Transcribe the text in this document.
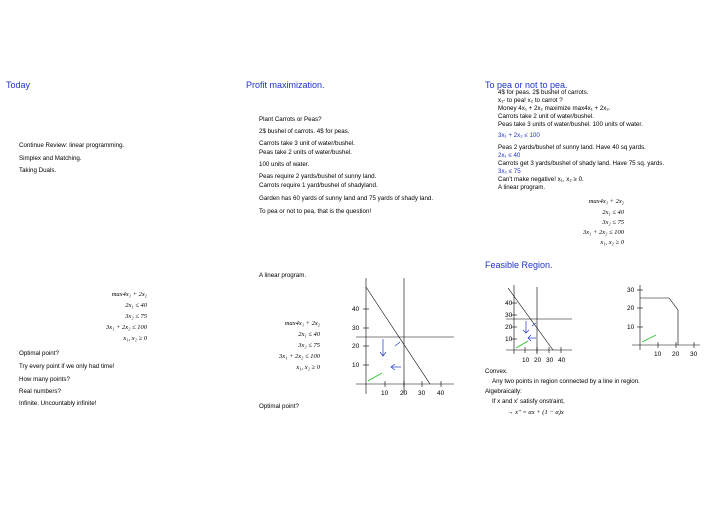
Today
Continue Review: linear programming.
Simplex and Matching.
Taking Duals.
Profit maximization.
Plant Carrots or Peas?
2$ bushel of carrots. 4$ for peas.
Carrots take 3 unit of water/bushel.
Peas take 2 units of water/bushel.
100 units of water.
Peas require 2 yards/bushel of sunny land.
Carrots require 1 yard/bushel of shadyland.
Garden has 60 yards of sunny land and 75 yards of shady land.
To pea or not to pea, that is the question!
To pea or not to pea.
4$ for peas. 2$ bushel of carrots.
x₁- to pea! x₂ to carrot ?
Money 4x₁ + 2x₂ maximize max4x₁ + 2x₂.
Carrots take 2 unit of water/bushel.
Peas take 3 units of water/bushel. 100 units of water.
3x₁ + 2x₂ ≤ 100
Peas 2 yards/bushel of sunny land. Have 40 sq yards.
2x₁ ≤ 40
Carrots get 3 yards/bushel of shady land. Have 75 sq. yards.
3x₂ ≤ 75
Can't make negative! x₁, x₂ ≥ 0.
A linear program.
max4x₁ + 2x₂
2x₁ ≤ 40
3x₂ ≤ 75
3x₁ + 2x₂ ≤ 100
x₁, x₂ ≥ 0
max4x₁ + 2x₂
2x₁ ≤ 40
3x₂ ≤ 75
3x₁ + 2x₂ ≤ 100
x₁, x₂ ≥ 0
Optimal point?
Try every point if we only had time!
How many points?
Real numbers?
Infinite. Uncountably infinite!
A linear program.
max4x₁ + 2x₂
2x₁ ≤ 40
3x₂ ≤ 75
3x₁ + 2x₂ ≤ 100
x₁, x₂ ≥ 0
Optimal point?
40
30
20
10
10 20 30 40
Feasible Region.
40
30
20
10
10 20 30 40
30
20
10
10 20 30
Convex.
Any two points in region connected by a line in region.
Algebraically:
If x and x' satisfy onstraint,
→ x" = αx + (1 − α)x
